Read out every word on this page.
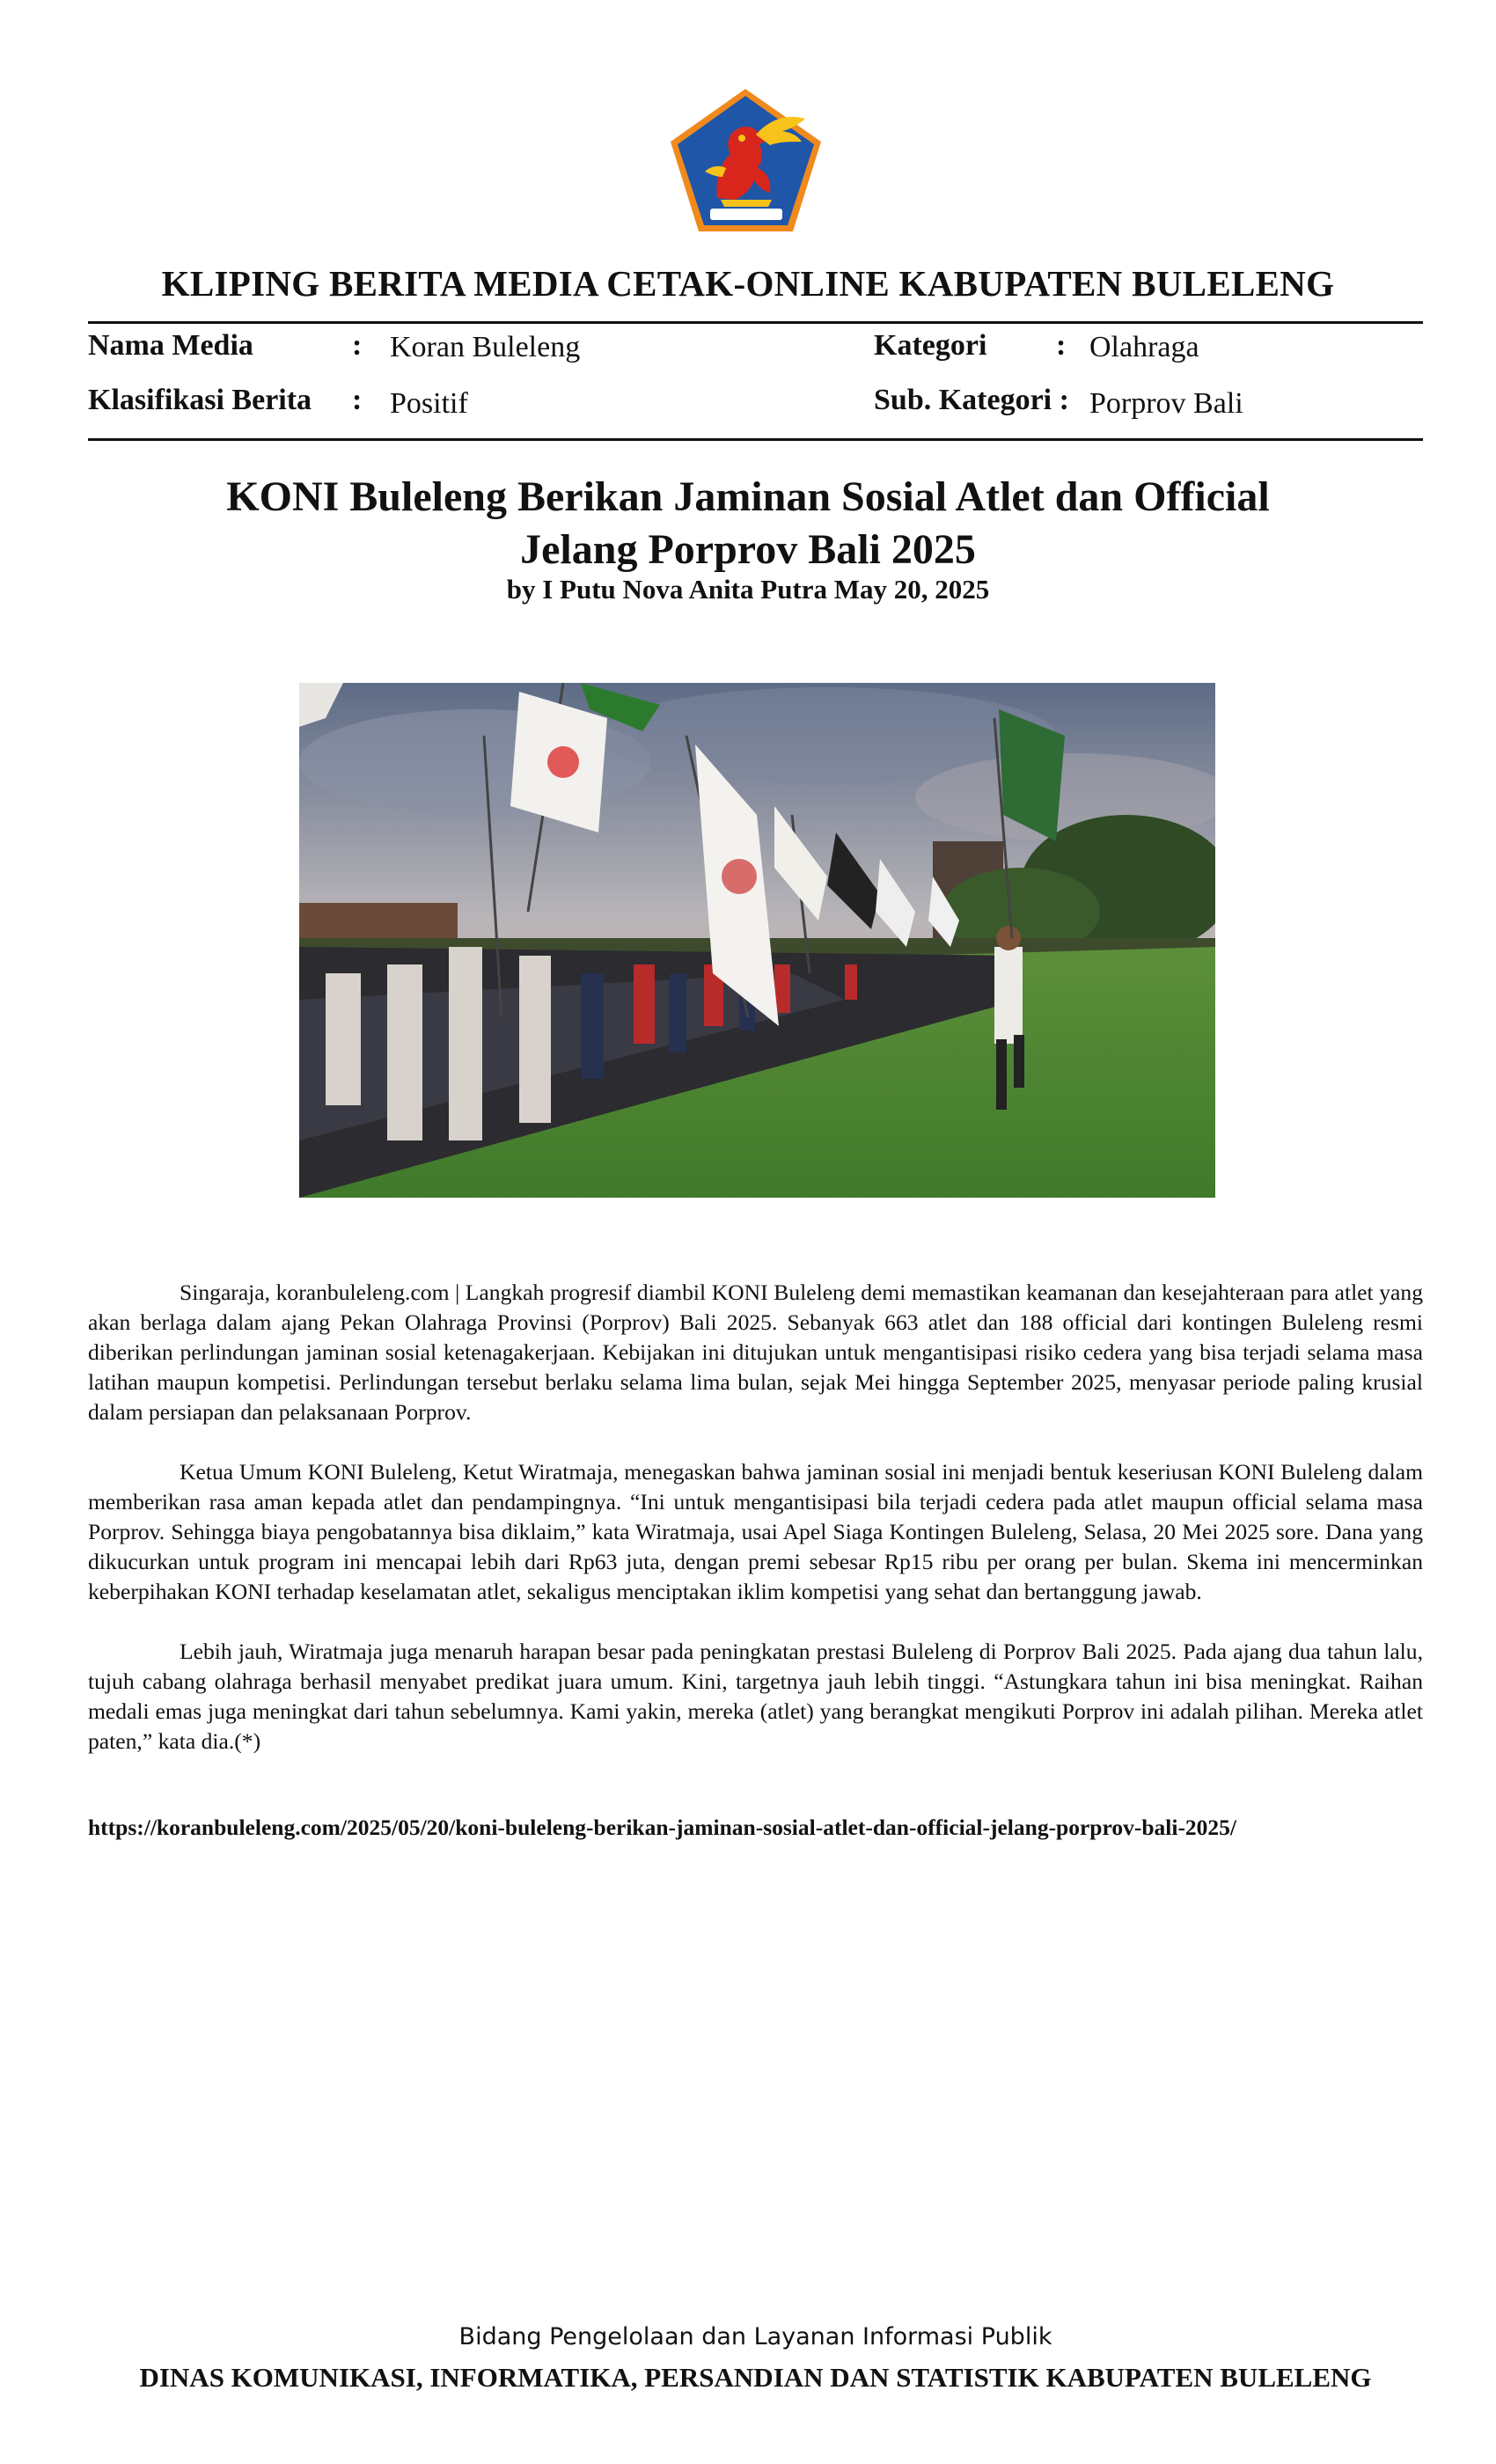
KLIPING BERITA MEDIA CETAK-ONLINE KABUPATEN BULELENG
Nama Media	: Koran Buleleng
Klasifikasi Berita : Positif
Kategori : Olahraga
Sub. Kategori : Porprov Bali
KONI Buleleng Berikan Jaminan Sosial Atlet dan Official
Jelang Porprov Bali 2025
by I Putu Nova Anita Putra May 20, 2025

Singaraja, koranbuleleng.com | Langkah progresif diambil KONI Buleleng demi memastikan keamanan dan kesejahteraan para atlet yang akan berlaga dalam ajang Pekan Olahraga Provinsi (Porprov) Bali 2025. Sebanyak 663 atlet dan 188 official dari kontingen Buleleng resmi diberikan perlindungan jaminan sosial ketenagakerjaan. Kebijakan ini ditujukan untuk mengantisipasi risiko cedera yang bisa terjadi selama masa latihan maupun kompetisi. Perlindungan tersebut berlaku selama lima bulan, sejak Mei hingga September 2025, menyasar periode paling krusial dalam persiapan dan pelaksanaan Porprov.

Ketua Umum KONI Buleleng, Ketut Wiratmaja, menegaskan bahwa jaminan sosial ini menjadi bentuk keseriusan KONI Buleleng dalam memberikan rasa aman kepada atlet dan pendampingnya. “Ini untuk mengantisipasi bila terjadi cedera pada atlet maupun official selama masa Porprov. Sehingga biaya pengobatannya bisa diklaim,” kata Wiratmaja, usai Apel Siaga Kontingen Buleleng, Selasa, 20 Mei 2025 sore. Dana yang dikucurkan untuk program ini mencapai lebih dari Rp63 juta, dengan premi sebesar Rp15 ribu per orang per bulan. Skema ini mencerminkan keberpihakan KONI terhadap keselamatan atlet, sekaligus menciptakan iklim kompetisi yang sehat dan bertanggung jawab.

Lebih jauh, Wiratmaja juga menaruh harapan besar pada peningkatan prestasi Buleleng di Porprov Bali 2025. Pada ajang dua tahun lalu, tujuh cabang olahraga berhasil menyabet predikat juara umum. Kini, targetnya jauh lebih tinggi. “Astungkara tahun ini bisa meningkat. Raihan medali emas juga meningkat dari tahun sebelumnya. Kami yakin, mereka (atlet) yang berangkat mengikuti Porprov ini adalah pilihan. Mereka atlet paten,” kata dia.(*)

https://koranbuleleng.com/2025/05/20/koni-buleleng-berikan-jaminan-sosial-atlet-dan-official-jelang-porprov-bali-2025/
Bidang Pengelolaan dan Layanan Informasi Publik
DINAS KOMUNIKASI, INFORMATIKA, PERSANDIAN DAN STATISTIK KABUPATEN BULELENG
